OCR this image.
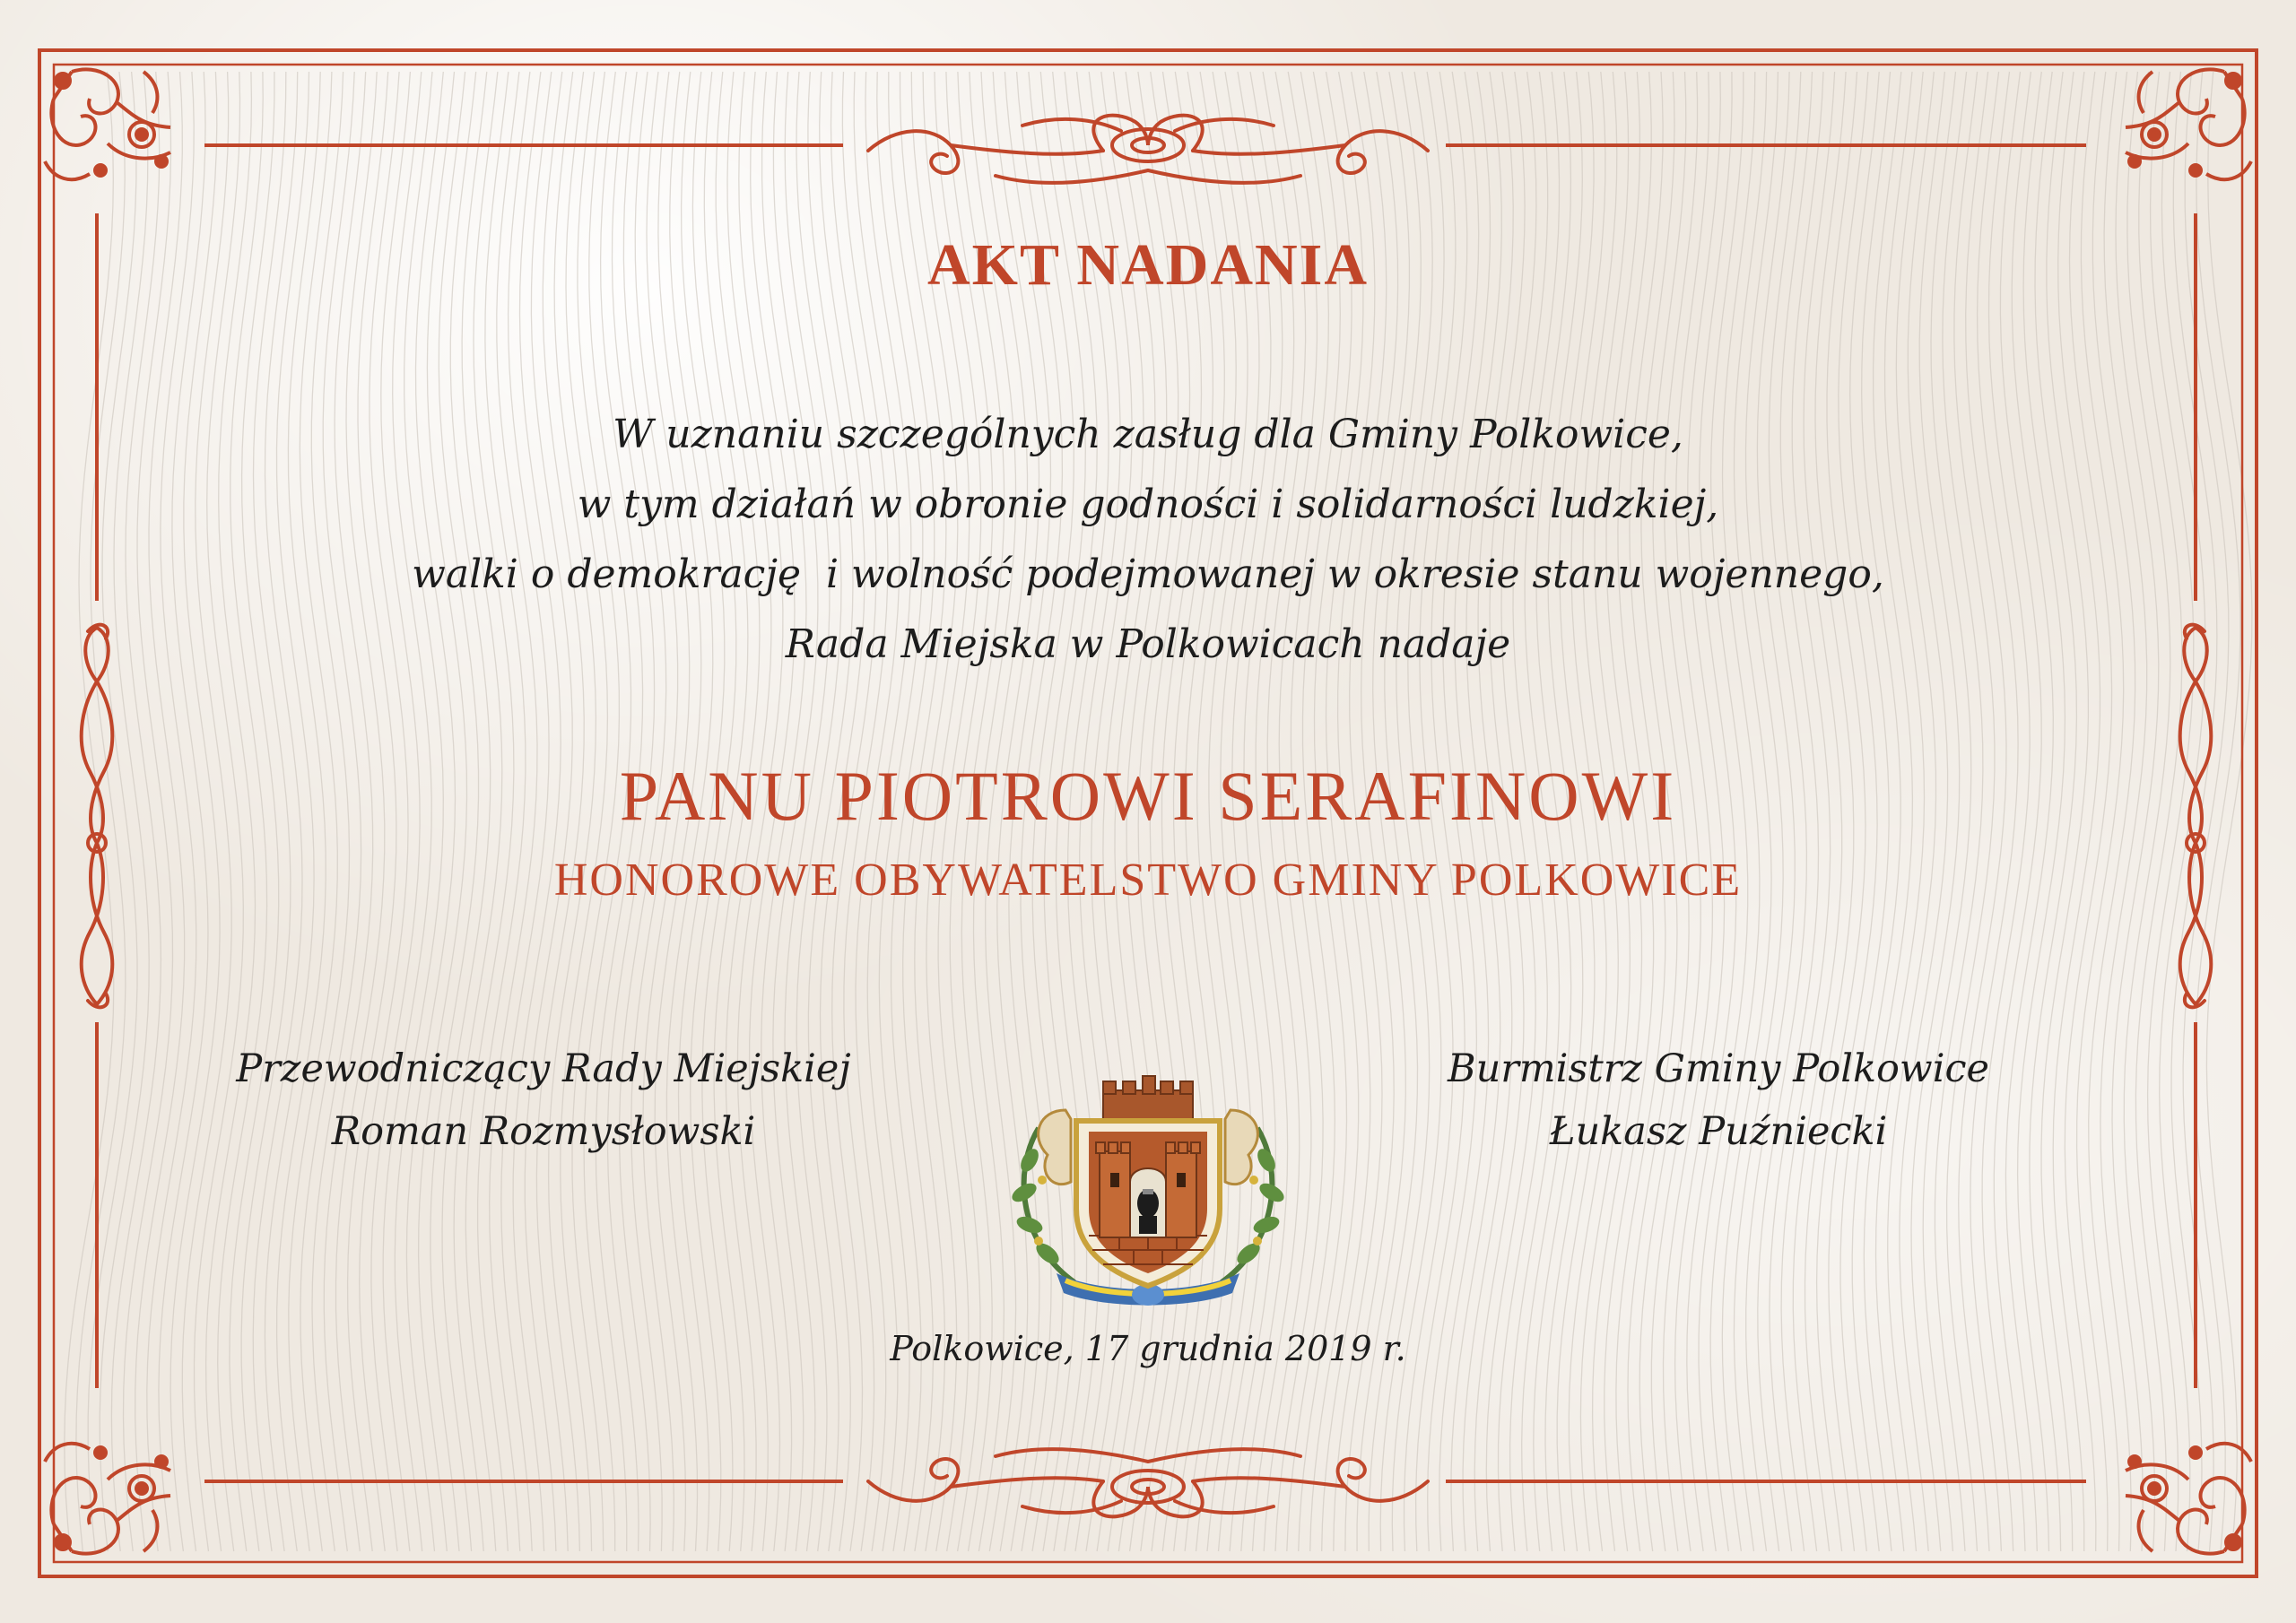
AKT NADANIA
W uznaniu szczególnych zasług dla Gminy Polkowice,
w tym działań w obronie godności i solidarności ludzkiej,
walki o demokrację  i wolność podejmowanej w okresie stanu wojennego,
Rada Miejska w Polkowicach nadaje
PANU PIOTROWI SERAFINOWI
HONOROWE OBYWATELSTWO GMINY POLKOWICE
Przewodniczący Rady Miejskiej
Roman Rozmysłowski
Burmistrz Gminy Polkowice
Łukasz Puźniecki
Polkowice, 17 grudnia 2019 r.
